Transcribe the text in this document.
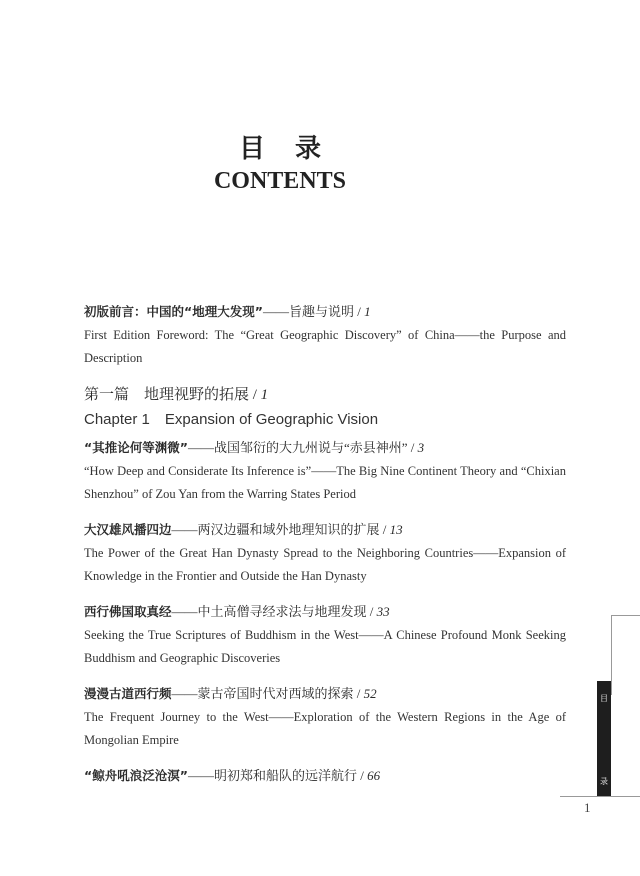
目录
CONTENTS
初版前言：中国的“地理大发现”——旨趣与说明 / 1
First Edition Foreword: The “Great Geographic Discovery” of China——the Purpose and Description
第一篇　地理视野的拓展 / 1
Chapter 1　Expansion of Geographic Vision
“其推论何等渊微”——战国邹衍的大九州说与“赤县神州” / 3
“How Deep and Considerate Its Inference is”——The Big Nine Continent Theory and “Chixian Shenzhou” of Zou Yan from the Warring States Period
大汉雄风播四边——两汉边疆和域外地理知识的扩展 / 13
The Power of the Great Han Dynasty Spread to the Neighboring Countries——Expansion of Knowledge in the Frontier and Outside the Han Dynasty
西行佛国取真经——中土高僧寻经求法与地理发现 / 33
Seeking the True Scriptures of Buddhism in the West——A Chinese Profound Monk Seeking Buddhism and Geographic Discoveries
漫漫古道西行频——蒙古帝国时代对西域的探索 / 52
The Frequent Journey to the West——Exploration of the Western Regions in the Age of Mongolian Empire
“鲸舟吼浪泛沧溟”——明初郑和船队的远洋航行 / 66
目
录
1
